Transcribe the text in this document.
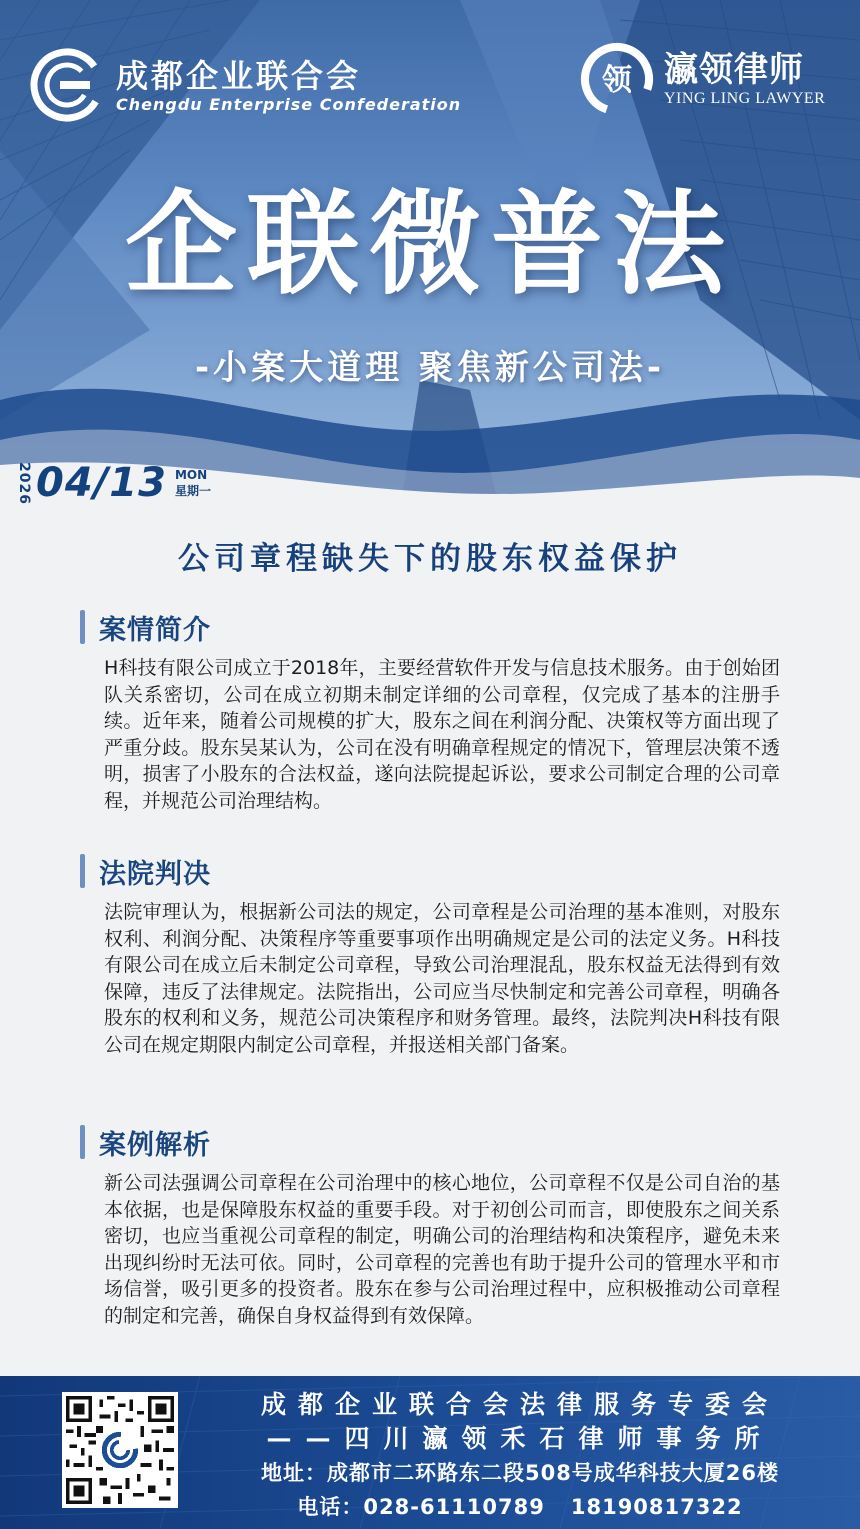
成都企业联合会
Chengdu Enterprise Confederation
领 瀛领律师
YING LING LAWYER
企联微普法
-小案大道理 聚焦新公司法-
2026 04/13 MON
星期一
公司章程缺失下的股东权益保护
案情简介
H科技有限公司成立于2018年，主要经营软件开发与信息技术服务。由于创始团队关系密切，公司在成立初期未制定详细的公司章程，仅完成了基本的注册手续。近年来，随着公司规模的扩大，股东之间在利润分配、决策权等方面出现了严重分歧。股东吴某认为，公司在没有明确章程规定的情况下，管理层决策不透明，损害了小股东的合法权益，遂向法院提起诉讼，要求公司制定合理的公司章程，并规范公司治理结构。
法院判决
法院审理认为，根据新公司法的规定，公司章程是公司治理的基本准则，对股东权利、利润分配、决策程序等重要事项作出明确规定是公司的法定义务。H科技有限公司在成立后未制定公司章程，导致公司治理混乱，股东权益无法得到有效保障，违反了法律规定。法院指出，公司应当尽快制定和完善公司章程，明确各股东的权利和义务，规范公司决策程序和财务管理。最终，法院判决H科技有限公司在规定期限内制定公司章程，并报送相关部门备案。
案例解析
新公司法强调公司章程在公司治理中的核心地位，公司章程不仅是公司自治的基本依据，也是保障股东权益的重要手段。对于初创公司而言，即使股东之间关系密切，也应当重视公司章程的制定，明确公司的治理结构和决策程序，避免未来出现纠纷时无法可依。同时，公司章程的完善也有助于提升公司的管理水平和市场信誉，吸引更多的投资者。股东在参与公司治理过程中，应积极推动公司章程的制定和完善，确保自身权益得到有效保障。
成都企业联合会法律服务专委会
——四川瀛领禾石律师事务所
地址：成都市二环路东二段508号成华科技大厦26楼
电话：028-61110789 18190817322
